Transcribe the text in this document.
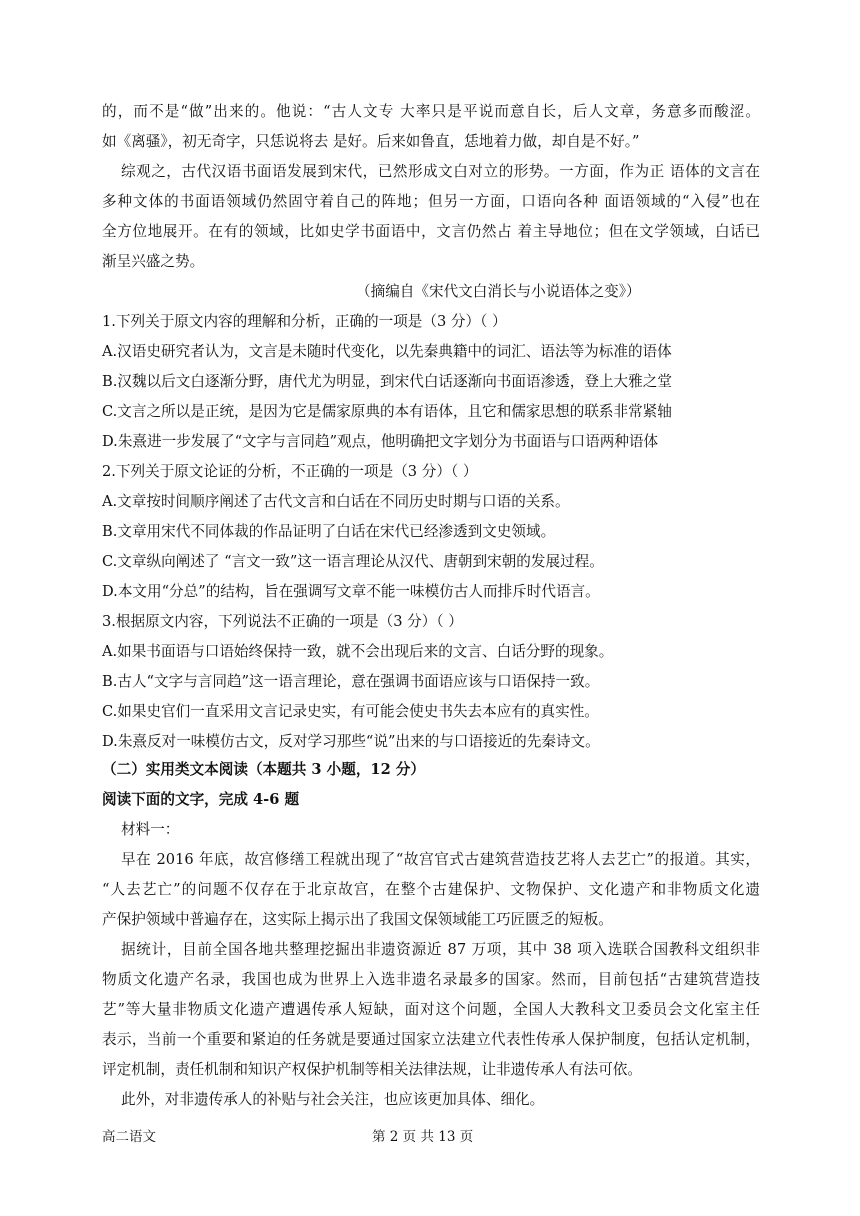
的，而不是“做”出来的。他说：“古人文专 大率只是平说而意自长，后人文章，务意多而酸涩。
如《离骚》，初无奇字，只恁说将去 是好。后来如鲁直，恁地着力做，却自是不好。”
综观之，古代汉语书面语发展到宋代，已然形成文白对立的形势。一方面，作为正 语体的文言在
多种文体的书面语领域仍然固守着自己的阵地；但另一方面，口语向各种 面语领域的“入侵”也在
全方位地展开。在有的领域，比如史学书面语中，文言仍然占 着主导地位；但在文学领域，白话已
渐呈兴盛之势。
（摘编自《宋代文白消长与小说语体之变》）
1.下列关于原文内容的理解和分析，正确的一项是（3 分）（ ）
A.汉语史研究者认为，文言是未随时代变化，以先秦典籍中的词汇、语法等为标准的语体
B.汉魏以后文白逐渐分野，唐代尤为明显，到宋代白话逐渐向书面语渗透，登上大雅之堂
C.文言之所以是正统，是因为它是儒家原典的本有语体，且它和儒家思想的联系非常紧轴
D.朱熹进一步发展了“文字与言同趋”观点，他明确把文字划分为书面语与口语两种语体
2.下列关于原文论证的分析，不正确的一项是（3 分）（ ）
A.文章按时间顺序阐述了古代文言和白话在不同历史时期与口语的关系。
B.文章用宋代不同体裁的作品证明了白话在宋代已经渗透到文史领域。
C.文章纵向阐述了 “言文一致”这一语言理论从汉代、唐朝到宋朝的发展过程。
D.本文用“分总”的结构，旨在强调写文章不能一味模仿古人而排斥时代语言。
3.根据原文内容，下列说法不正确的一项是（3 分）（ ）
A.如果书面语与口语始终保持一致，就不会出现后来的文言、白话分野的现象。
B.古人“文字与言同趋”这一语言理论，意在强调书面语应该与口语保持一致。
C.如果史官们一直采用文言记录史实，有可能会使史书失去本应有的真实性。
D.朱熹反对一味模仿古文，反对学习那些“说”出来的与口语接近的先秦诗文。
（二）实用类文本阅读（本题共 3 小题，12 分）
阅读下面的文字，完成 4-6 题
材料一：
早在 2016 年底，故宫修缮工程就出现了“故宫官式古建筑营造技艺将人去艺亡”的报道。其实，
“人去艺亡”的问题不仅存在于北京故宫，在整个古建保护、文物保护、文化遗产和非物质文化遗
产保护领域中普遍存在，这实际上揭示出了我国文保领域能工巧匠匮乏的短板。
据统计，目前全国各地共整理挖掘出非遗资源近 87 万项，其中 38 项入选联合国教科文组织非
物质文化遗产名录，我国也成为世界上入选非遗名录最多的国家。然而，目前包括“古建筑营造技
艺”等大量非物质文化遗产遭遇传承人短缺，面对这个问题，全国人大教科文卫委员会文化室主任
表示，当前一个重要和紧迫的任务就是要通过国家立法建立代表性传承人保护制度，包括认定机制，
评定机制，责任机制和知识产权保护机制等相关法律法规，让非遗传承人有法可依。
此外，对非遗传承人的补贴与社会关注，也应该更加具体、细化。
高二语文	第 2 页 共 13 页
